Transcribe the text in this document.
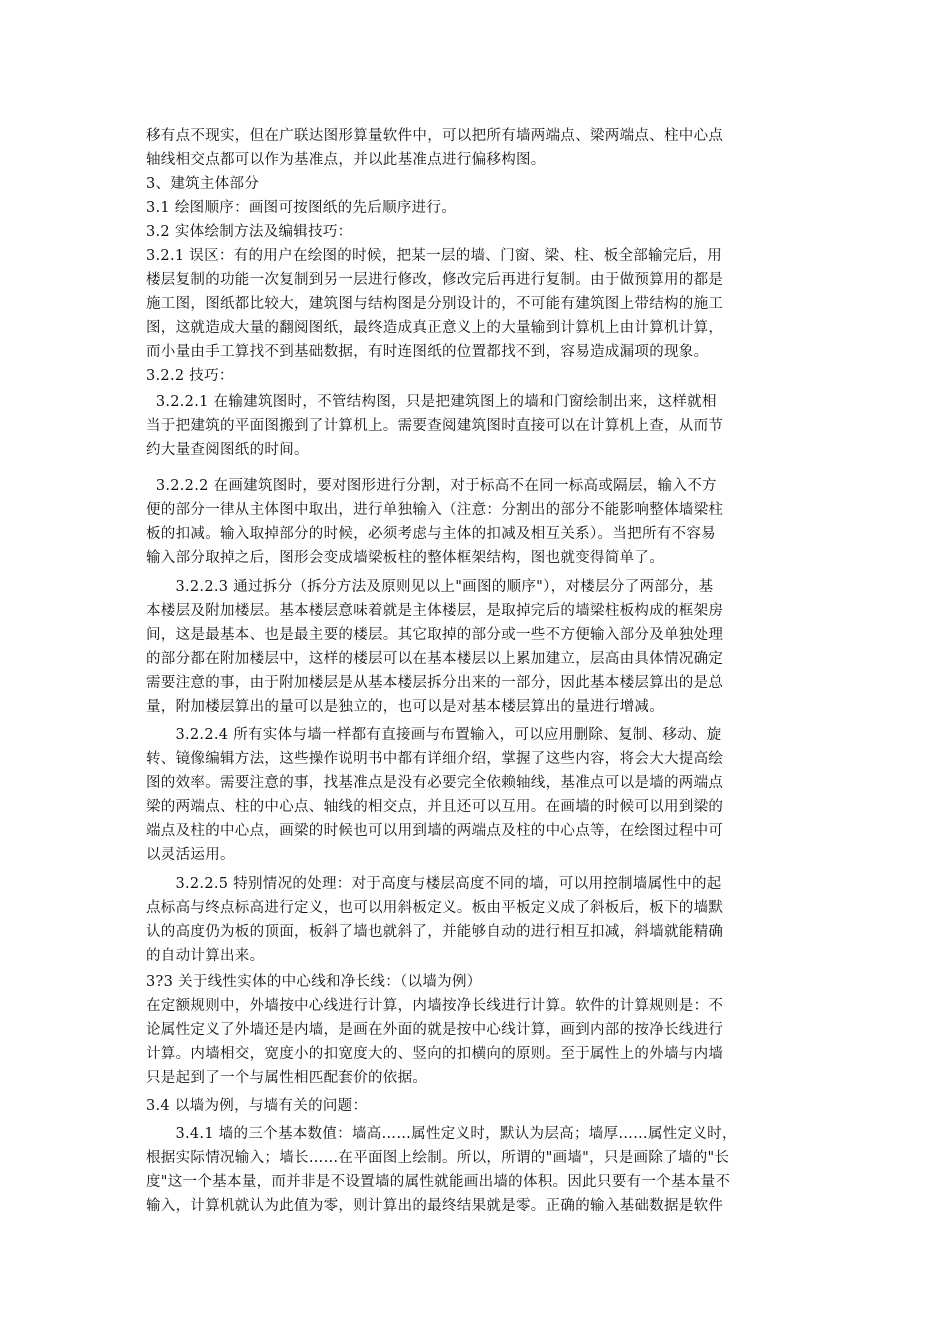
移有点不现实，但在广联达图形算量软件中，可以把所有墙两端点、梁两端点、柱中心点
轴线相交点都可以作为基准点，并以此基准点进行偏移构图。
3、建筑主体部分
3.1 绘图顺序：画图可按图纸的先后顺序进行。
3.2 实体绘制方法及编辑技巧：
3.2.1 误区：有的用户在绘图的时候，把某一层的墙、门窗、梁、柱、板全部输完后，用
楼层复制的功能一次复制到另一层进行修改，修改完后再进行复制。由于做预算用的都是
施工图，图纸都比较大，建筑图与结构图是分别设计的，不可能有建筑图上带结构的施工
图，这就造成大量的翻阅图纸，最终造成真正意义上的大量输到计算机上由计算机计算，
而小量由手工算找不到基础数据，有时连图纸的位置都找不到，容易造成漏项的现象。
3.2.2 技巧：
3.2.2.1 在输建筑图时，不管结构图，只是把建筑图上的墙和门窗绘制出来，这样就相
当于把建筑的平面图搬到了计算机上。需要查阅建筑图时直接可以在计算机上查，从而节
约大量查阅图纸的时间。
3.2.2.2 在画建筑图时，要对图形进行分割，对于标高不在同一标高或隔层，输入不方
便的部分一律从主体图中取出，进行单独输入（注意：分割出的部分不能影响整体墙梁柱
板的扣减。输入取掉部分的时候，必须考虑与主体的扣减及相互关系）。当把所有不容易
输入部分取掉之后，图形会变成墙梁板柱的整体框架结构，图也就变得简单了。
3.2.2.3 通过拆分（拆分方法及原则见以上"画图的顺序"），对楼层分了两部分，基
本楼层及附加楼层。基本楼层意味着就是主体楼层，是取掉完后的墙梁柱板构成的框架房
间，这是最基本、也是最主要的楼层。其它取掉的部分或一些不方便输入部分及单独处理
的部分都在附加楼层中，这样的楼层可以在基本楼层以上累加建立，层高由具体情况确定
需要注意的事，由于附加楼层是从基本楼层拆分出来的一部分，因此基本楼层算出的是总
量，附加楼层算出的量可以是独立的，也可以是对基本楼层算出的量进行增减。
3.2.2.4 所有实体与墙一样都有直接画与布置输入，可以应用删除、复制、移动、旋
转、镜像编辑方法，这些操作说明书中都有详细介绍，掌握了这些内容，将会大大提高绘
图的效率。需要注意的事，找基准点是没有必要完全依赖轴线，基准点可以是墙的两端点
梁的两端点、柱的中心点、轴线的相交点，并且还可以互用。在画墙的时候可以用到梁的
端点及柱的中心点，画梁的时候也可以用到墙的两端点及柱的中心点等，在绘图过程中可
以灵活运用。
3.2.2.5 特别情况的处理：对于高度与楼层高度不同的墙，可以用控制墙属性中的起
点标高与终点标高进行定义，也可以用斜板定义。板由平板定义成了斜板后，板下的墙默
认的高度仍为板的顶面，板斜了墙也就斜了，并能够自动的进行相互扣减，斜墙就能精确
的自动计算出来。
3?3 关于线性实体的中心线和净长线：（以墙为例）
在定额规则中，外墙按中心线进行计算，内墙按净长线进行计算。软件的计算规则是：不
论属性定义了外墙还是内墙，是画在外面的就是按中心线计算，画到内部的按净长线进行
计算。内墙相交，宽度小的扣宽度大的、竖向的扣横向的原则。至于属性上的外墙与内墙
只是起到了一个与属性相匹配套价的依据。
3.4 以墙为例，与墙有关的问题：
3.4.1 墙的三个基本数值：墙高……属性定义时，默认为层高；墙厚……属性定义时，
根据实际情况输入；墙长……在平面图上绘制。所以，所谓的"画墙"，只是画除了墙的"长
度"这一个基本量，而并非是不设置墙的属性就能画出墙的体积。因此只要有一个基本量不
输入，计算机就认为此值为零，则计算出的最终结果就是零。正确的输入基础数据是软件
